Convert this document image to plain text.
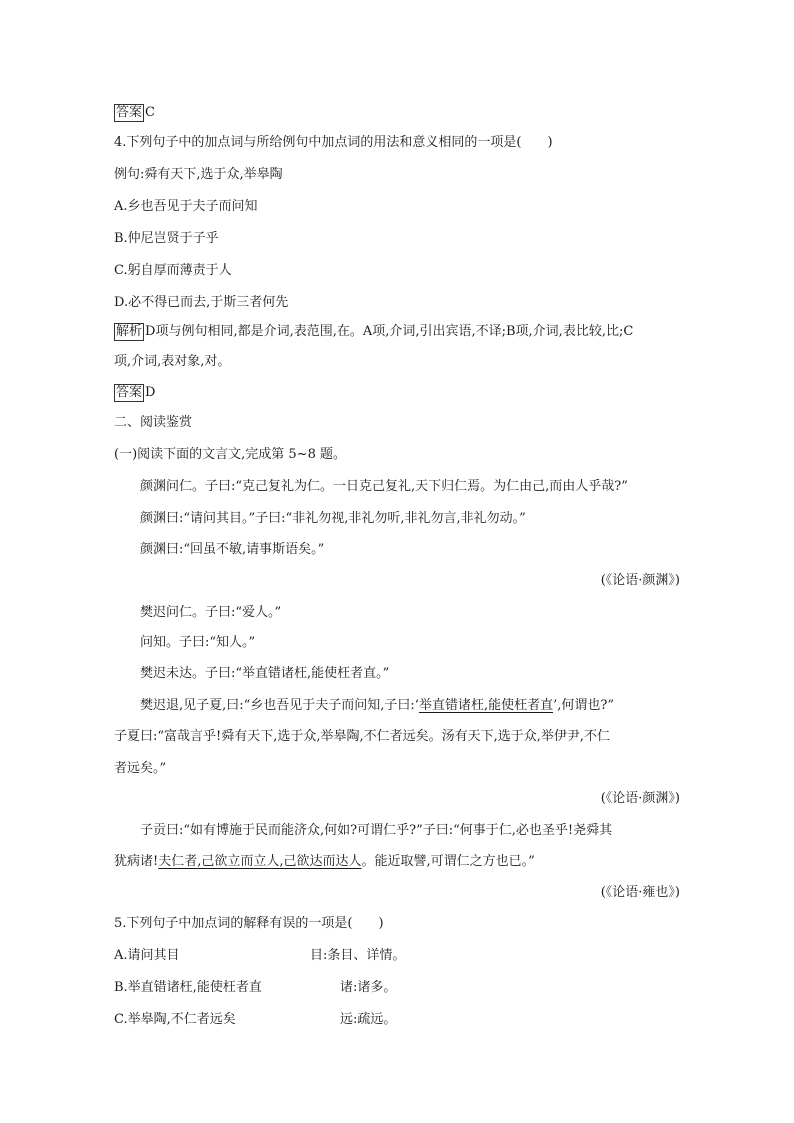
答案 C
4.下列句子中的加点词与所给例句中加点词的用法和意义相同的一项是(　　)
例句:舜有天下,选于众,举皋陶
A.乡也吾见于夫子而问知
B.仲尼岂贤于子乎
C.躬自厚而薄责于人
D.必不得已而去,于斯三者何先
解析 D项与例句相同,都是介词,表范围,在。A项,介词,引出宾语,不译;B项,介词,表比较,比;C
项,介词,表对象,对。
答案 D
二、阅读鉴赏
(一)阅读下面的文言文,完成第 5~8 题。
颜渊问仁。子曰:“克己复礼为仁。一日克己复礼,天下归仁焉。为仁由己,而由人乎哉?”
颜渊曰:“请问其目。”子曰:“非礼勿视,非礼勿听,非礼勿言,非礼勿动。”
颜渊曰:“回虽不敏,请事斯语矣。”
(《论语·颜渊》)
樊迟问仁。子曰:“爱人。”
问知。子曰:“知人。”
樊迟未达。子曰:“举直错诸枉,能使枉者直。”
樊迟退,见子夏,曰:“乡也吾见于夫子而问知,子曰:‘举直错诸枉,能使枉者直’,何谓也?”
子夏曰:“富哉言乎!舜有天下,选于众,举皋陶,不仁者远矣。汤有天下,选于众,举伊尹,不仁
者远矣。”
(《论语·颜渊》)
子贡曰:“如有博施于民而能济众,何如?可谓仁乎?”子曰:“何事于仁,必也圣乎!尧舜其
犹病诸!夫仁者,己欲立而立人,己欲达而达人。能近取譬,可谓仁之方也已。”
(《论语·雍也》)
5.下列句子中加点词的解释有误的一项是(　　)
A.请问其目	目:条目、详情。
B.举直错诸枉,能使枉者直	诸:诸多。
C.举皋陶,不仁者远矣	远:疏远。
